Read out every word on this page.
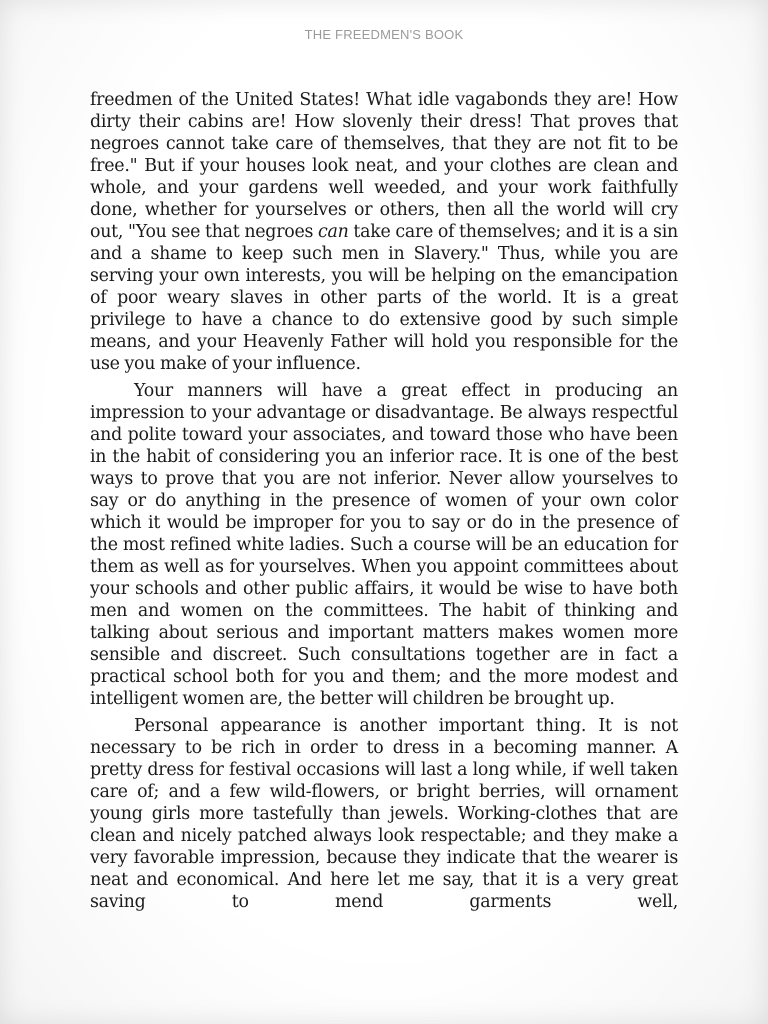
THE FREEDMEN'S BOOK

freedmen of the United States! What idle vagabonds they are! How dirty their cabins are! How slovenly their dress! That proves that negroes cannot take care of themselves, that they are not fit to be free." But if your houses look neat, and your clothes are clean and whole, and your gardens well weeded, and your work faithfully done, whether for yourselves or others, then all the world will cry out, "You see that negroes can take care of themselves; and it is a sin and a shame to keep such men in Slavery." Thus, while you are serving your own interests, you will be helping on the emancipation of poor weary slaves in other parts of the world. It is a great privilege to have a chance to do extensive good by such simple means, and your Heavenly Father will hold you responsible for the use you make of your influence.

Your manners will have a great effect in producing an impression to your advantage or disadvantage. Be always respectful and polite toward your associates, and toward those who have been in the habit of considering you an inferior race. It is one of the best ways to prove that you are not inferior. Never allow yourselves to say or do anything in the presence of women of your own color which it would be improper for you to say or do in the presence of the most refined white ladies. Such a course will be an education for them as well as for yourselves. When you appoint committees about your schools and other public affairs, it would be wise to have both men and women on the committees. The habit of thinking and talking about serious and important matters makes women more sensible and discreet. Such consultations together are in fact a practical school both for you and them; and the more modest and intelligent women are, the better will children be brought up.

Personal appearance is another important thing. It is not necessary to be rich in order to dress in a becoming manner. A pretty dress for festival occasions will last a long while, if well taken care of; and a few wild-flowers, or bright berries, will ornament young girls more tastefully than jewels. Working-clothes that are clean and nicely patched always look respectable; and they make a very favorable impression, because they indicate that the wearer is neat and economical. And here let me say, that it is a very great saving to mend garments well,
